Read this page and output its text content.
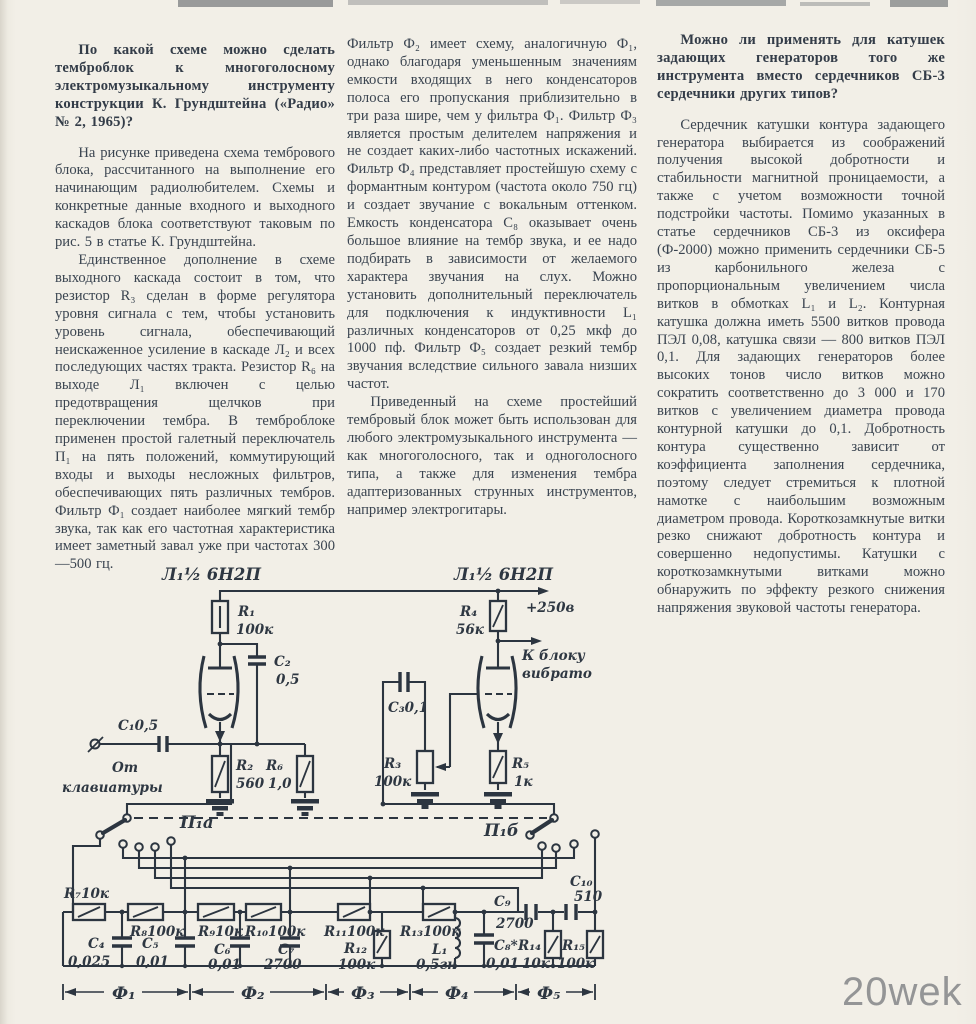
По какой схеме можно сделать темброблок к многоголосному электромузыкальному инструменту конструкции К. Грундштейна («Радио» № 2, 1965)?

На рисунке приведена схема тембрового блока, рассчитанного на выполнение его начинающим радиолюбителем. Схемы и конкретные данные входного и выходного каскадов блока соответствуют таковым по рис. 5 в статье К. Грундштейна.

Единственное дополнение в схеме выходного каскада состоит в том, что резистор R₃ сделан в форме регулятора уровня сигнала с тем, чтобы установить уровень сигнала, обеспечивающий неискаженное усиление в каскаде Л₂ и всех последующих частях тракта. Резистор R₆ на выходе Л₁ включен с целью предотвращения щелчков при переключении тембра. В темброблоке применен простой галетный переключатель П₁ на пять положений, коммутирующий входы и выходы несложных фильтров, обеспечивающих пять различных тембров. Фильтр Ф₁ создает наиболее мягкий тембр звука, так как его частотная характеристика имеет заметный завал уже при частотах 300—500 гц.

Фильтр Ф₂ имеет схему, аналогичную Ф₁, однако благодаря уменьшенным значениям емкости входящих в него конденсаторов полоса его пропускания приблизительно в три раза шире, чем у фильтра Ф₁. Фильтр Ф₃ является простым делителем напряжения и не создает каких-либо частотных искажений. Фильтр Ф₄ представляет простейшую схему с формантным контуром (частота около 750 гц) и создает звучание с вокальным оттенком. Емкость конденсатора C₈ оказывает очень большое влияние на тембр звука, и ее надо подбирать в зависимости от желаемого характера звучания на слух. Можно установить дополнительный переключатель для подключения к индуктивности L₁ различных конденсаторов от 0,25 мкф до 1000 пф. Фильтр Ф₅ создает резкий тембр звучания вследствие сильного завала низших частот.

Приведенный на схеме простейший тембровый блок может быть использован для любого электромузыкального инструмента — как многоголосного, так и одноголосного типа, а также для изменения тембра адаптеризованных струнных инструментов, например электрогитары.

Можно ли применять для катушек задающих генераторов того же инструмента вместо сердечников СБ-3 сердечники других типов?

Сердечник катушки контура задающего генератора выбирается из соображений получения высокой добротности и стабильности магнитной проницаемости, а также с учетом возможности точной подстройки частоты. Помимо указанных в статье сердечников СБ-3 из оксифера (Ф-2000) можно применить сердечники СБ-5 из карбонильного железа с пропорциональным увеличением числа витков в обмотках L₁ и L₂. Контурная катушка должна иметь 5500 витков провода ПЭЛ 0,08, катушка связи — 800 витков ПЭЛ 0,1. Для задающих генераторов более высоких тонов число витков можно сократить соответственно до 3 000 и 170 витков с увеличением диаметра провода контурной катушки до 0,1. Добротность контура существенно зависит от коэффициента заполнения сердечника, поэтому следует стремиться к плотной намотке с наибольшим возможным диаметром провода. Короткозамкнутые витки резко снижают добротность контура и совершенно недопустимы. Катушки с короткозамкнутыми витками можно обнаружить по эффекту резкого снижения напряжения звуковой частоты генератора.

Л₁½ 6Н2П	Л₁½ 6Н2П
R₁
100к
+250в
R₄
56к
К блоку
вибрато
C₂
0,5
C₃0,1
C₁0,5
От
клавиатуры
R₂
560
R₆
1,0
R₃
100к
R₅
1к
П₁а	П₁б
R₇10к
C₁₀
510
R₈100к
C₄
0,025
C₅
0,01
R₉10к R₁₀100к
C₆
0,01
C₇
2700
R₁₁100к
R₁₂
100к
R₁₃100к
L₁
0,5гн
C₉
2700
C₈*
0,01
R₁₄
10к
R₁₅
100к
Ф₁	Ф₂	Ф₃	Ф₄	Ф₅	20wek
